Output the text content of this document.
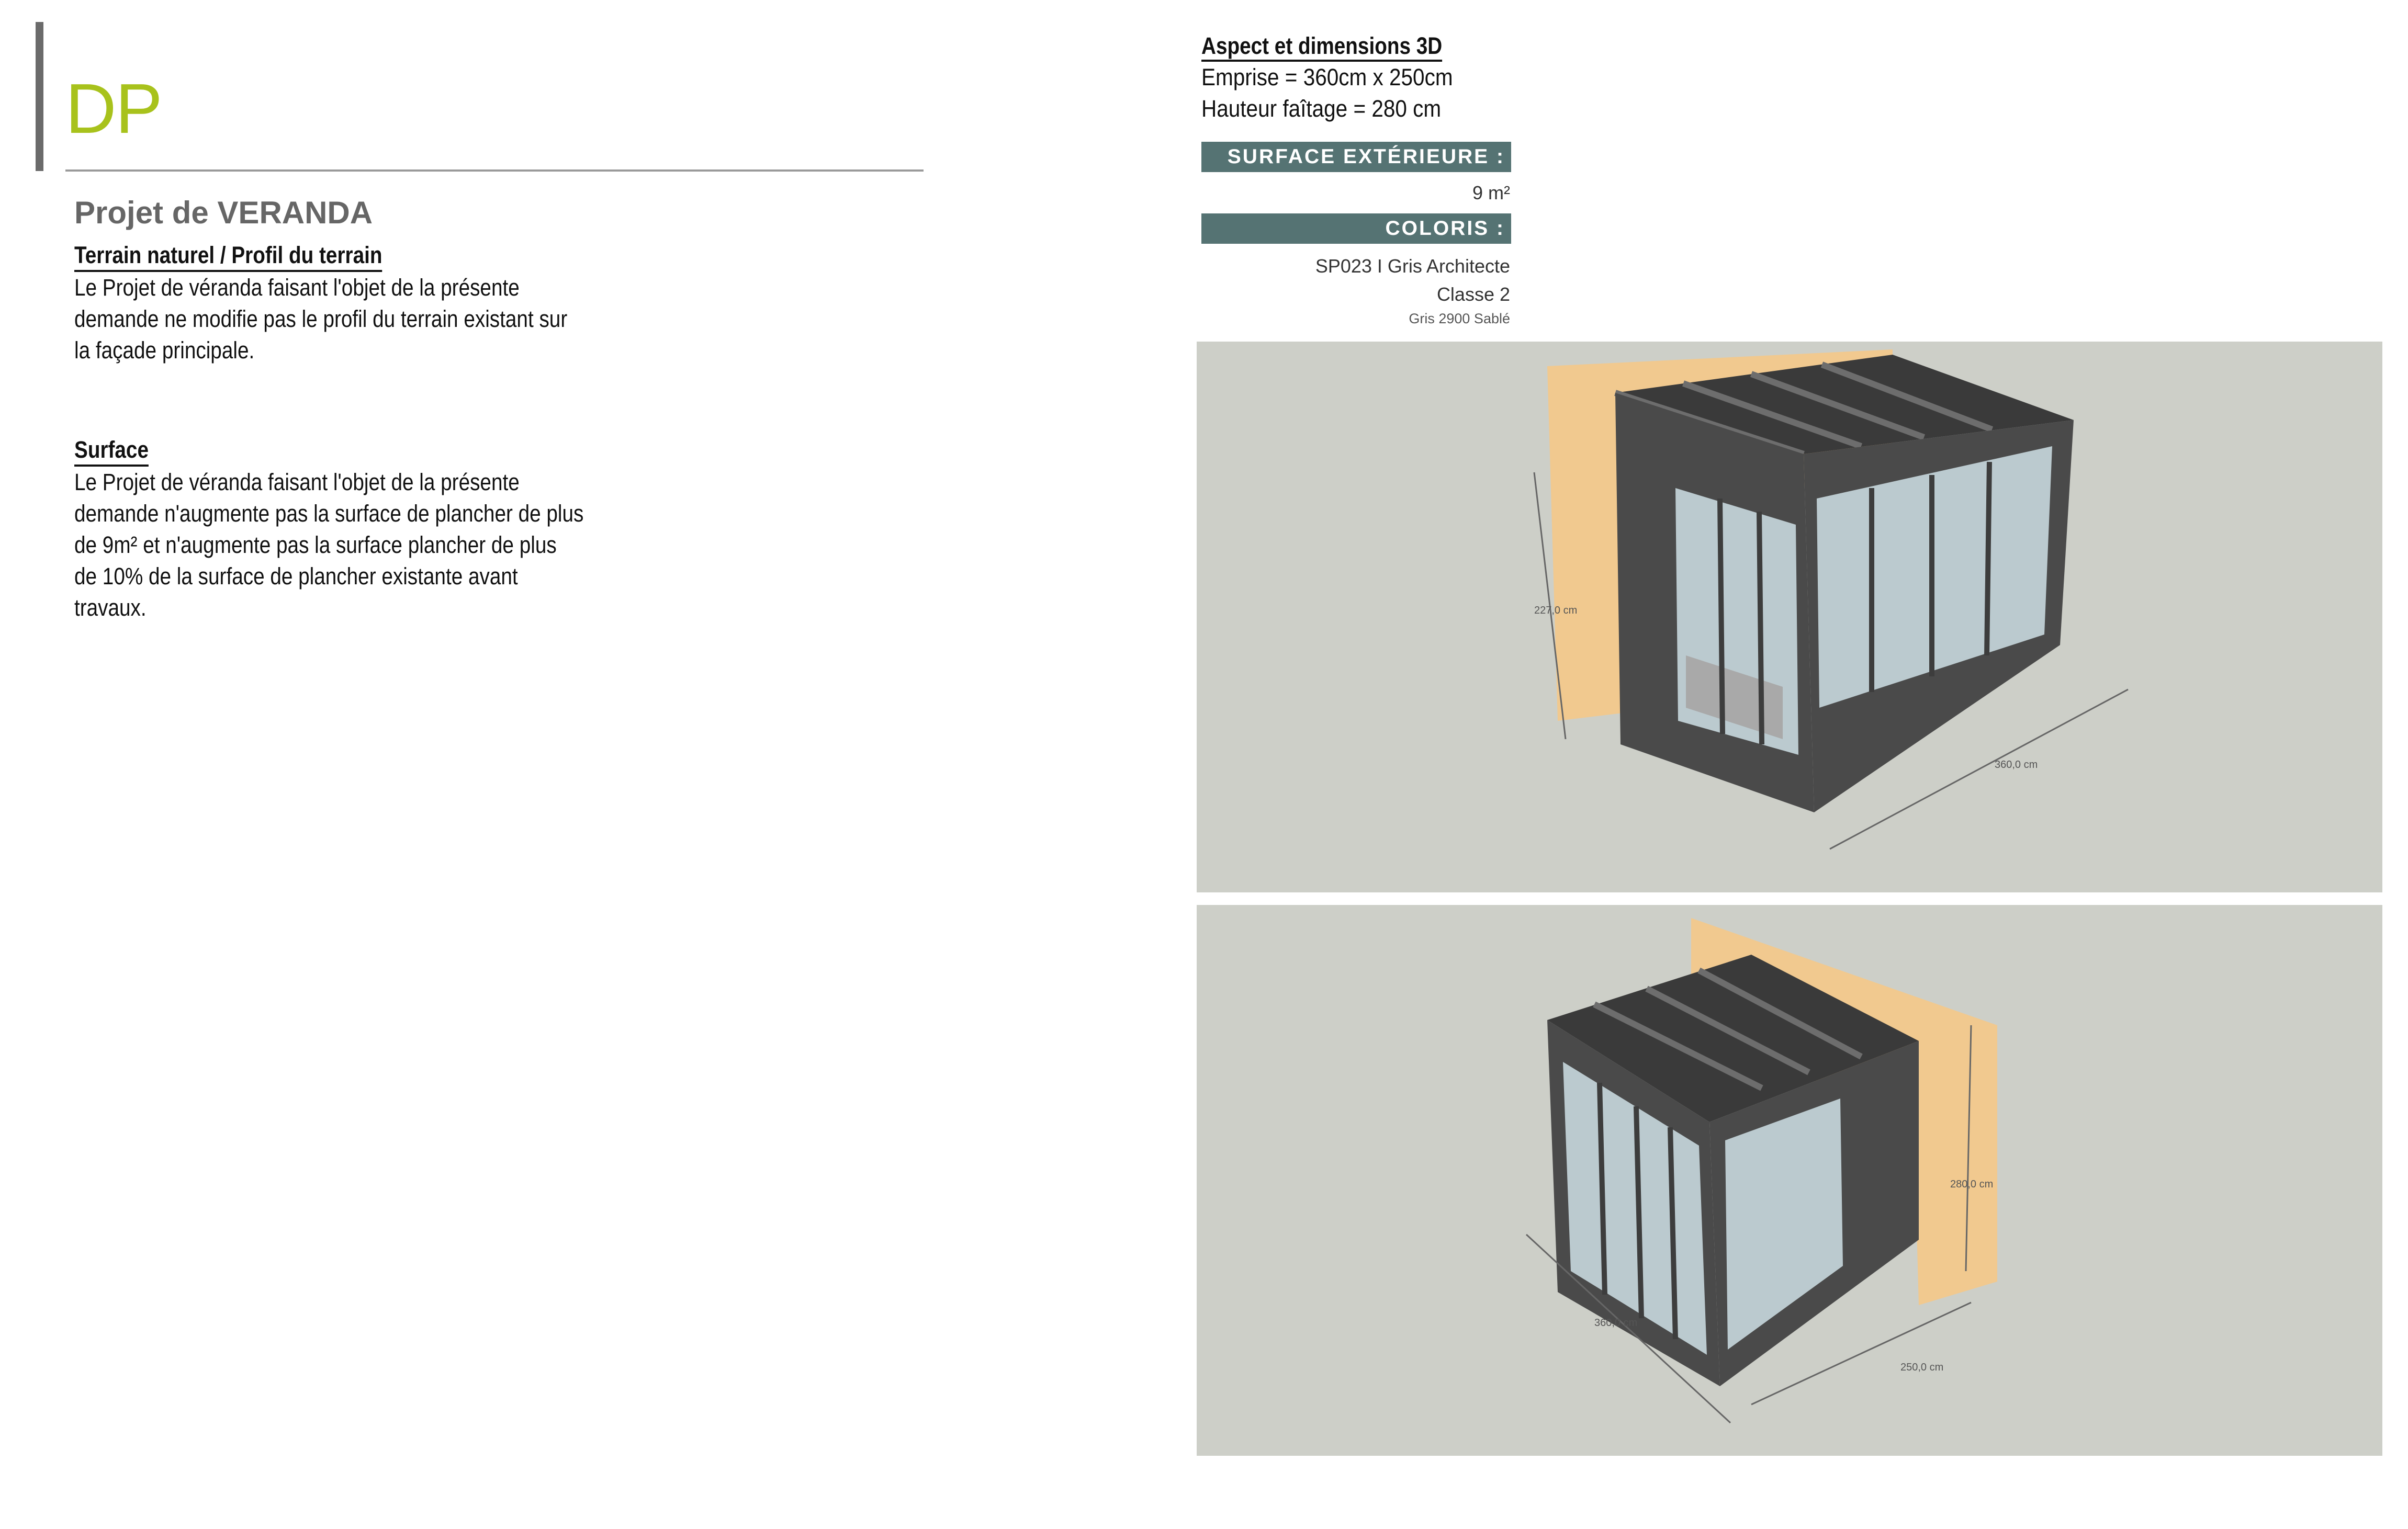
DP
Projet de VERANDA
Terrain naturel / Profil du terrain
Le Projet de véranda faisant l'objet de la présente
demande ne modifie pas le profil du terrain existant sur
la façade principale.
Surface
Le Projet de véranda faisant l'objet de la présente
demande n'augmente pas la surface de plancher de plus
de 9m² et n'augmente pas la surface plancher de plus
de 10% de la surface de plancher existante avant
travaux.
Aspect et dimensions 3D
Emprise = 360cm x 250cm
Hauteur faîtage = 280 cm
SURFACE EXTÉRIEURE :
9 m²
COLORIS :
SP023 I Gris Architecte
Classe 2
Gris 2900 Sablé
227,0 cm
360,0 cm
360,0 cm
250,0 cm
280,0 cm
